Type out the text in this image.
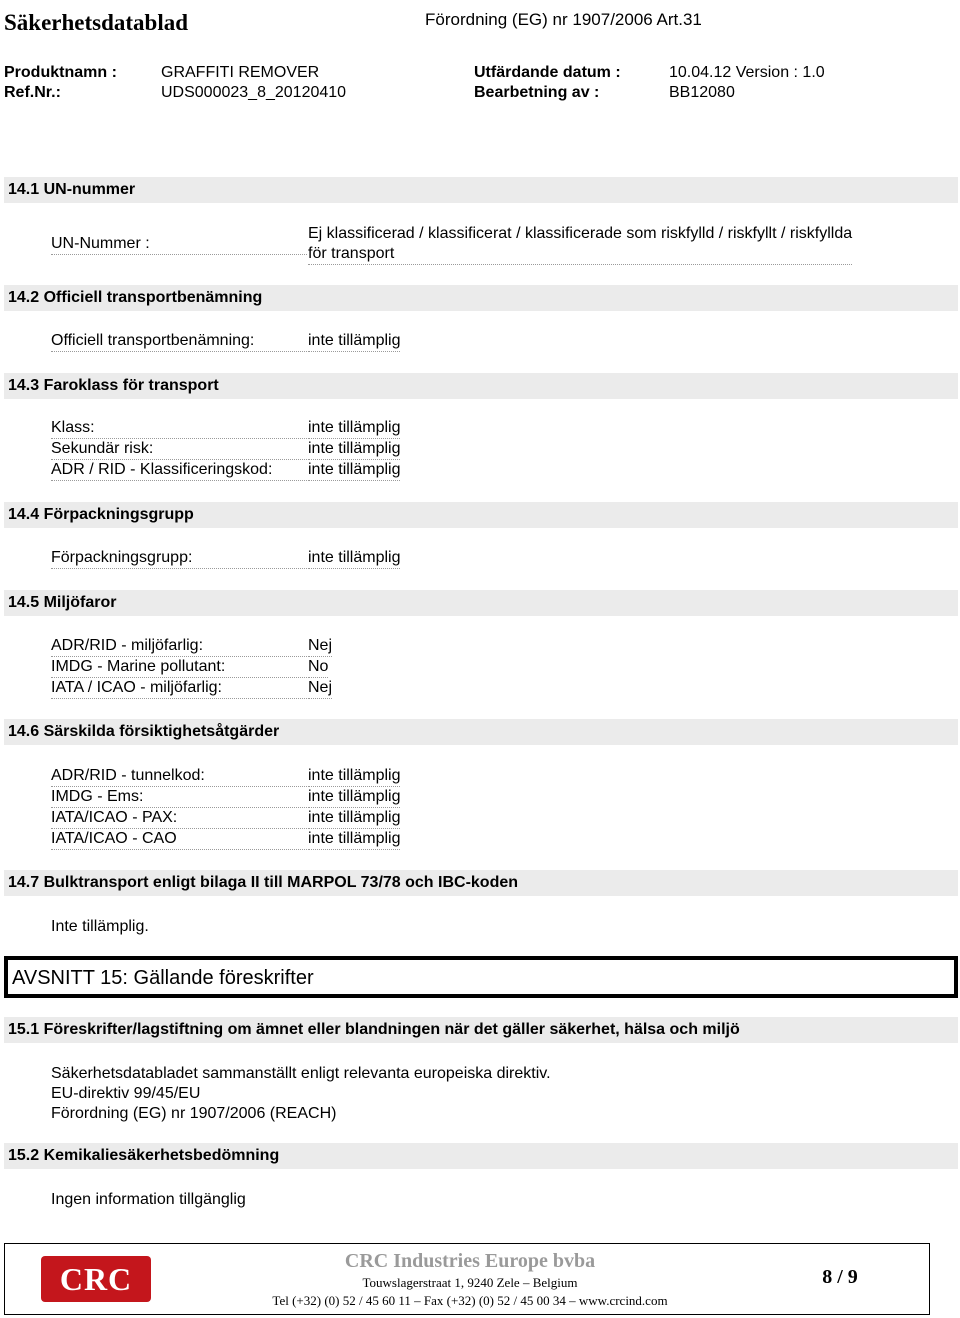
Säkerhetsdatablad	Förordning (EG) nr 1907/2006 Art.31
Produktnamn :	GRAFFITI REMOVER	Utfärdande datum :	10.04.12 Version : 1.0
Ref.Nr.:	UDS000023_8_20120410	Bearbetning av :	BB12080
14.1 UN-nummer
UN-Nummer :
Ej klassificerad / klassificerat / klassificerade som riskfylld / riskfyllt / riskfyllda
för transport
14.2 Officiell transportbenämning
Officiell transportbenämning:	inte tillämplig
14.3 Faroklass för transport
Klass:	inte tillämplig
Sekundär risk:	inte tillämplig
ADR / RID - Klassificeringskod:	inte tillämplig
14.4 Förpackningsgrupp
Förpackningsgrupp:	inte tillämplig
14.5 Miljöfaror
ADR/RID - miljöfarlig:	Nej
IMDG - Marine pollutant:	No
IATA / ICAO - miljöfarlig:	Nej
14.6 Särskilda försiktighetsåtgärder
ADR/RID - tunnelkod:	inte tillämplig
IMDG - Ems:	inte tillämplig
IATA/ICAO - PAX:	inte tillämplig
IATA/ICAO - CAO	inte tillämplig
14.7 Bulktransport enligt bilaga II till MARPOL 73/78 och IBC-koden
Inte tillämplig.
AVSNITT 15: Gällande föreskrifter
15.1 Föreskrifter/lagstiftning om ämnet eller blandningen när det gäller säkerhet, hälsa och miljö
Säkerhetsdatabladet sammanställt enligt relevanta europeiska direktiv.
EU-direktiv 99/45/EU
Förordning (EG) nr 1907/2006 (REACH)
15.2 Kemikaliesäkerhetsbedömning
Ingen information tillgänglig
CRC	CRC Industries Europe bvba
Touwslagerstraat 1, 9240 Zele – Belgium
Tel (+32) (0) 52 / 45 60 11 – Fax (+32) (0) 52 / 45 00 34 – www.crcind.com
8 / 9
